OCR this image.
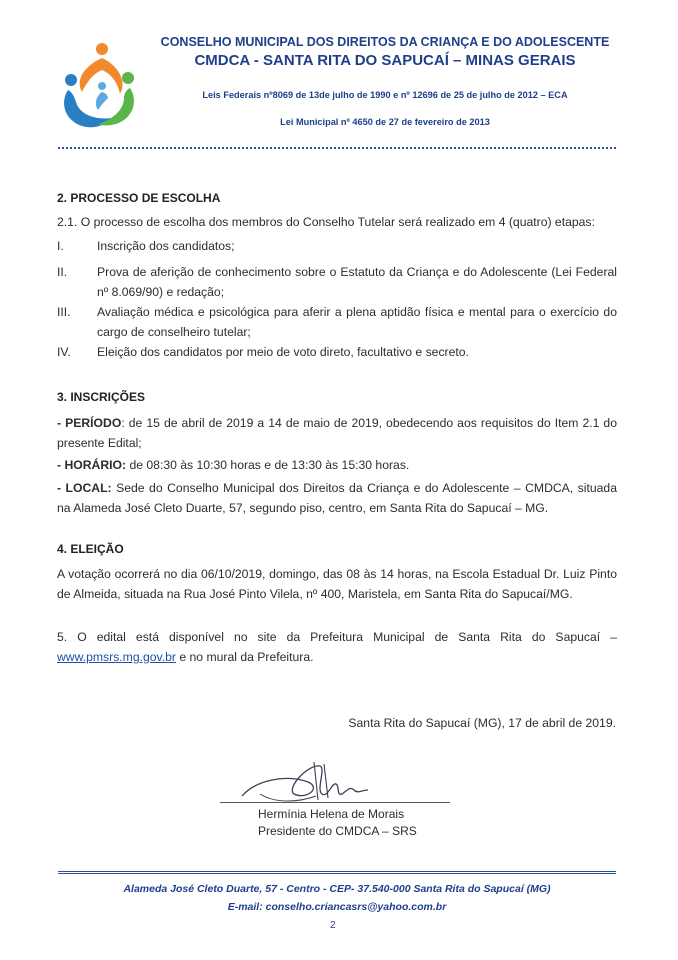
CONSELHO MUNICIPAL DOS DIREITOS DA CRIANÇA E DO ADOLESCENTE
CMDCA - SANTA RITA DO SAPUCAÍ – MINAS GERAIS
Leis Federais nº8069 de 13de julho de 1990 e nº 12696 de 25 de julho de 2012 – ECA
Lei Municipal nº 4650 de 27 de fevereiro de 2013
2. PROCESSO DE ESCOLHA
2.1. O processo de escolha dos membros do Conselho Tutelar será realizado em 4 (quatro) etapas:
I.	Inscrição dos candidatos;
II. Prova de aferição de conhecimento sobre o Estatuto da Criança e do Adolescente (Lei Federal nº 8.069/90) e redação;
III. Avaliação médica e psicológica para aferir a plena aptidão física e mental para o exercício do cargo de conselheiro tutelar;
IV. Eleição dos candidatos por meio de voto direto, facultativo e secreto.
3. INSCRIÇÕES
- PERÍODO: de 15 de abril de 2019 a 14 de maio de 2019, obedecendo aos requisitos do Item 2.1 do presente Edital;
- HORÁRIO: de 08:30 às 10:30 horas e de 13:30 às 15:30 horas.
- LOCAL: Sede do Conselho Municipal dos Direitos da Criança e do Adolescente – CMDCA, situada na Alameda José Cleto Duarte, 57, segundo piso, centro, em Santa Rita do Sapucaí – MG.
4. ELEIÇÃO
A votação ocorrerá no dia 06/10/2019, domingo, das 08 às 14 horas, na Escola Estadual Dr. Luiz Pinto de Almeida, situada na Rua José Pinto Vilela, nº 400, Maristela, em Santa Rita do Sapucaí/MG.
5. O edital está disponível no site da Prefeitura Municipal de Santa Rita do Sapucaí – www.pmsrs.mg.gov.br e no mural da Prefeitura.
Santa Rita do Sapucaí (MG), 17 de abril de 2019.
Hermínia Helena de Morais
Presidente do CMDCA – SRS
Alameda José Cleto Duarte, 57 - Centro - CEP- 37.540-000 Santa Rita do Sapucaí (MG)
E-mail: conselho.criancasrs@yahoo.com.br
2
